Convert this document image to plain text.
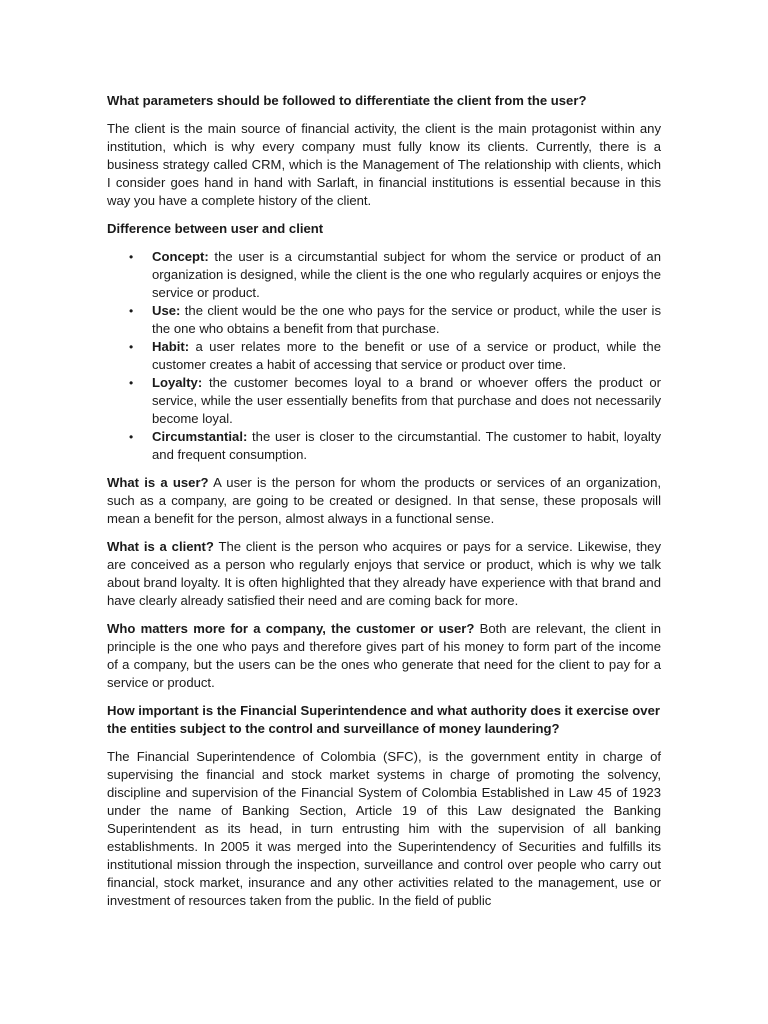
What parameters should be followed to differentiate the client from the user?

The client is the main source of financial activity, the client is the main protagonist within any institution, which is why every company must fully know its clients. Currently, there is a business strategy called CRM, which is the Management of The relationship with clients, which I consider goes hand in hand with Sarlaft, in financial institutions is essential because in this way you have a complete history of the client.

Difference between user and client

• Concept: the user is a circumstantial subject for whom the service or product of an organization is designed, while the client is the one who regularly acquires or enjoys the service or product.
• Use: the client would be the one who pays for the service or product, while the user is the one who obtains a benefit from that purchase.
• Habit: a user relates more to the benefit or use of a service or product, while the customer creates a habit of accessing that service or product over time.
• Loyalty: the customer becomes loyal to a brand or whoever offers the product or service, while the user essentially benefits from that purchase and does not necessarily become loyal.
• Circumstantial: the user is closer to the circumstantial. The customer to habit, loyalty and frequent consumption.

What is a user? A user is the person for whom the products or services of an organization, such as a company, are going to be created or designed. In that sense, these proposals will mean a benefit for the person, almost always in a functional sense.

What is a client? The client is the person who acquires or pays for a service. Likewise, they are conceived as a person who regularly enjoys that service or product, which is why we talk about brand loyalty. It is often highlighted that they already have experience with that brand and have clearly already satisfied their need and are coming back for more.

Who matters more for a company, the customer or user? Both are relevant, the client in principle is the one who pays and therefore gives part of his money to form part of the income of a company, but the users can be the ones who generate that need for the client to pay for a service or product.

How important is the Financial Superintendence and what authority does it exercise over the entities subject to the control and surveillance of money laundering?

The Financial Superintendence of Colombia (SFC), is the government entity in charge of supervising the financial and stock market systems in charge of promoting the solvency, discipline and supervision of the Financial System of Colombia Established in Law 45 of 1923 under the name of Banking Section, Article 19 of this Law designated the Banking Superintendent as its head, in turn entrusting him with the supervision of all banking establishments. In 2005 it was merged into the Superintendency of Securities and fulfills its institutional mission through the inspection, surveillance and control over people who carry out financial, stock market, insurance and any other activities related to the management, use or investment of resources taken from the public. In the field of public
